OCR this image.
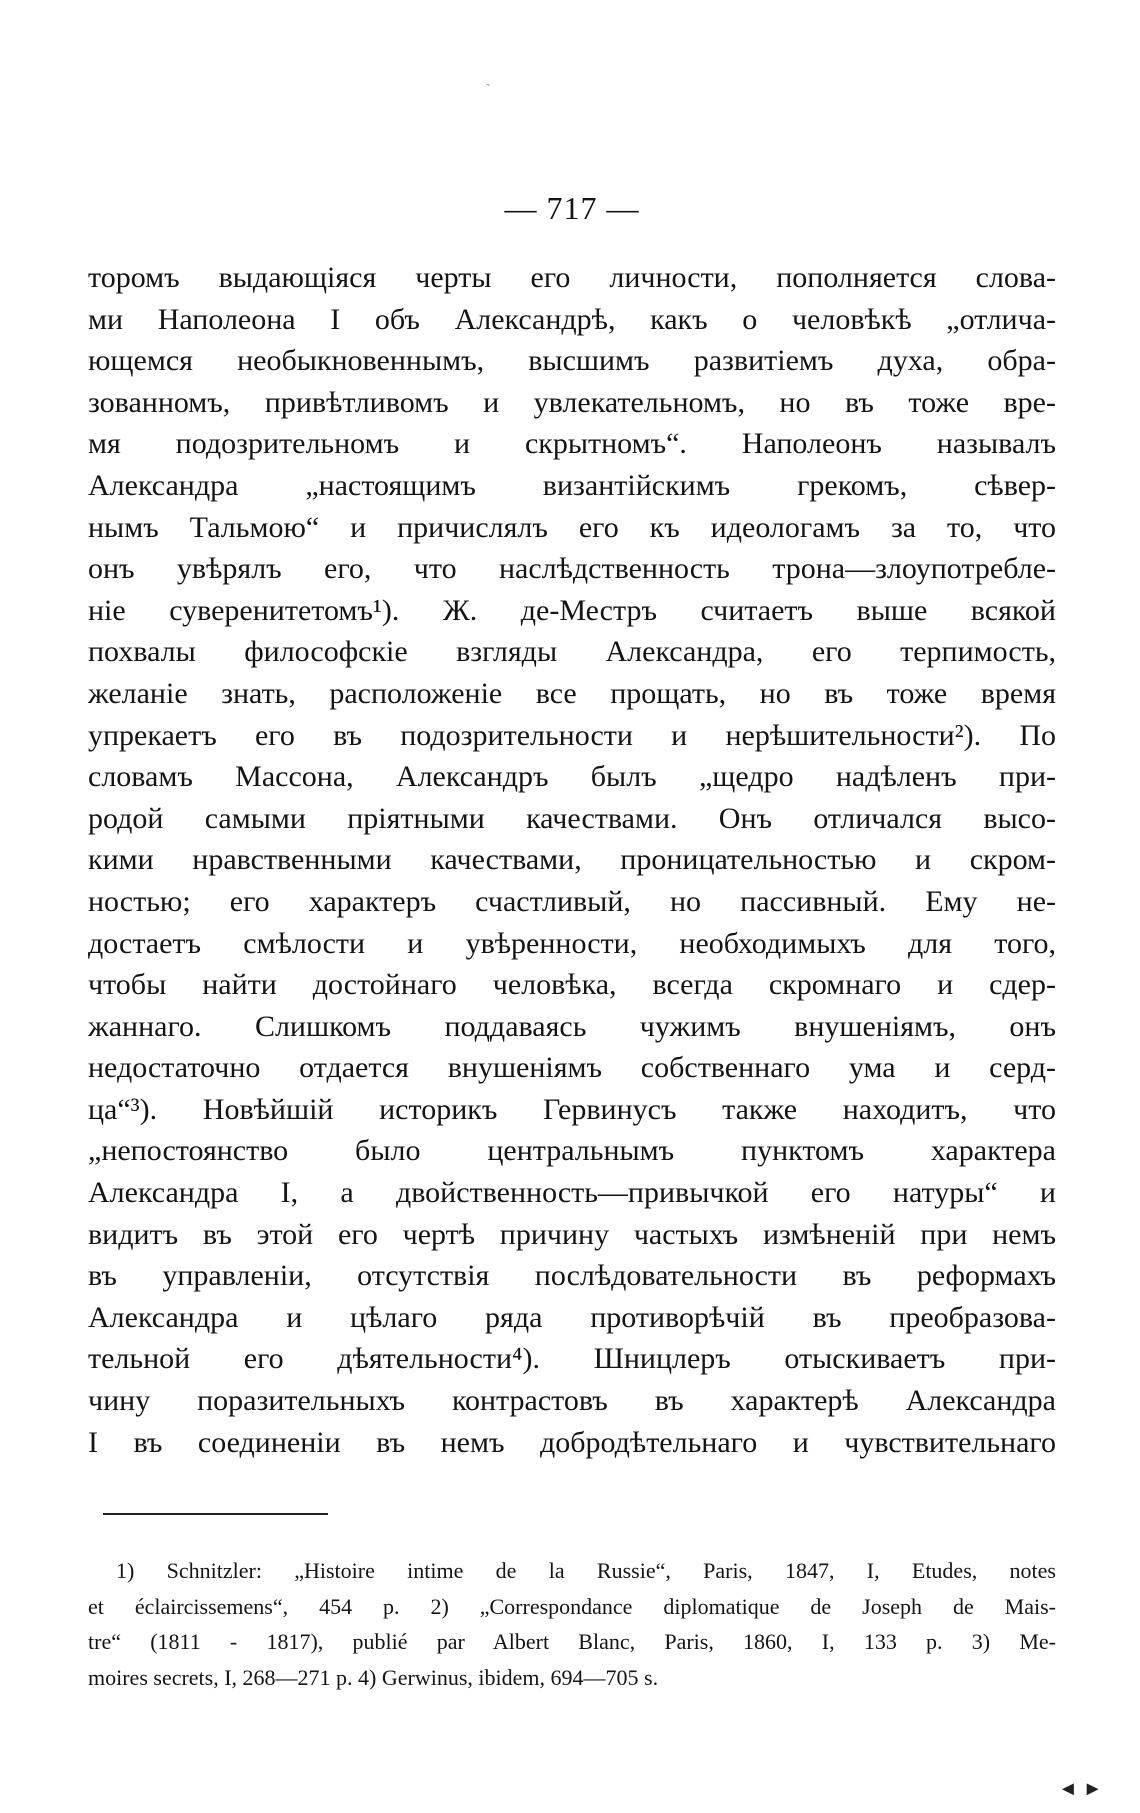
ˎ
— 717 —
торомъ выдающіяся черты его личности, пополняется слова-
ми Наполеона I объ Александрѣ, какъ о человѣкѣ „отлича-
ющемся необыкновеннымъ, высшимъ развитіемъ духа, обра-
зованномъ, привѣтливомъ и увлекательномъ, но въ тоже вре-
мя подозрительномъ и скрытномъ“. Наполеонъ называлъ
Александра „настоящимъ византійскимъ грекомъ, сѣвер-
нымъ Тальмою“ и причислялъ его къ идеологамъ за то, что
онъ увѣрялъ его, что наслѣдственность трона—злоупотребле-
ніе суверенитетомъ¹). Ж. де-Местръ считаетъ выше всякой
похвалы философскіе взгляды Александра, его терпимость,
желаніе знать, расположеніе все прощать, но въ тоже время
упрекаетъ его въ подозрительности и нерѣшительности²). По
словамъ Массона, Александръ былъ „щедро надѣленъ при-
родой самыми пріятными качествами. Онъ отличался высо-
кими нравственными качествами, проницательностью и скром-
ностью; его характеръ счастливый, но пассивный. Ему не-
достаетъ смѣлости и увѣренности, необходимыхъ для того,
чтобы найти достойнаго человѣка, всегда скромнаго и сдер-
жаннаго. Слишкомъ поддаваясь чужимъ внушеніямъ, онъ
недостаточно отдается внушеніямъ собственнаго ума и серд-
ца“³). Новѣйшій историкъ Гервинусъ также находитъ, что
„непостоянство было центральнымъ пунктомъ характера
Александра I, а двойственность—привычкой его натуры“ и
видитъ въ этой его чертѣ причину частыхъ измѣненій при немъ
въ управленіи, отсутствія послѣдовательности въ реформахъ
Александра и цѣлаго ряда противорѣчій въ преобразова-
тельной его дѣятельности⁴). Шницлеръ отыскиваетъ при-
чину поразительныхъ контрастовъ въ характерѣ Александра
I въ соединеніи въ немъ добродѣтельнаго и чувствительнаго
1) Schnitzler: „Histoire intime de la Russie“, Paris, 1847, I, Etudes, notes
et éclaircissemens“, 454 p. 2) „Correspondance diplomatique de Joseph de Mais-
tre“ (1811 - 1817), publié par Albert Blanc, Paris, 1860, I, 133 p. 3) Me-
moires secrets, I, 268—271 p. 4) Gerwinus, ibidem, 694—705 s.
◄ ►
